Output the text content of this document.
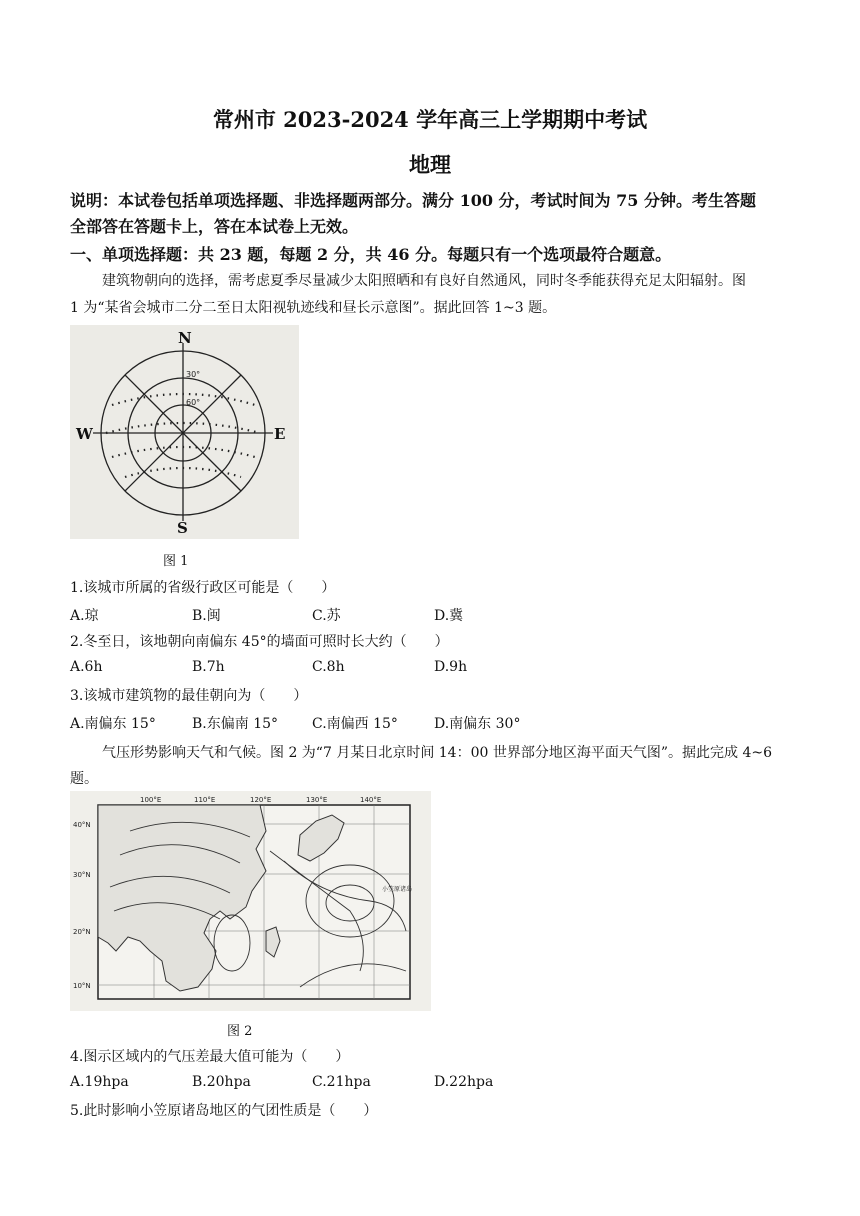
常州市 2023-2024 学年高三上学期期中考试
地理
说明：本试卷包括单项选择题、非选择题两部分。满分 100 分，考试时间为 75 分钟。考生答题
全部答在答题卡上，答在本试卷上无效。
一、单项选择题：共 23 题，每题 2 分，共 46 分。每题只有一个选项最符合题意。
建筑物朝向的选择，需考虑夏季尽量减少太阳照晒和有良好自然通风，同时冬季能获得充足太阳辐射。图
1 为“某省会城市二分二至日太阳视轨迹线和昼长示意图”。据此回答 1~3 题。
N
S
W	E
30°
60°
图 1
1.该城市所属的省级行政区可能是（　　）
A.琼	B.闽	C.苏	D.冀
2.冬至日，该地朝向南偏东 45°的墙面可照时长大约（　　）
A.6h	B.7h	C.8h	D.9h
3.该城市建筑物的最佳朝向为（　　）
A.南偏东 15°	B.东偏南 15° C.南偏西 15°	D.南偏东 30°
气压形势影响天气和气候。图 2 为“7 月某日北京时间 14：00 世界部分地区海平面天气图”。据此完成 4~6
题。
100°E	110°E	120°E	130°E	140°E
40°N
30°N
20°N
10°N
小笠原诸岛
图 2
4.图示区域内的气压差最大值可能为（　　）
A.19hpa	B.20hpa	C.21hpa	D.22hpa
5.此时影响小笠原诸岛地区的气团性质是（　　）
